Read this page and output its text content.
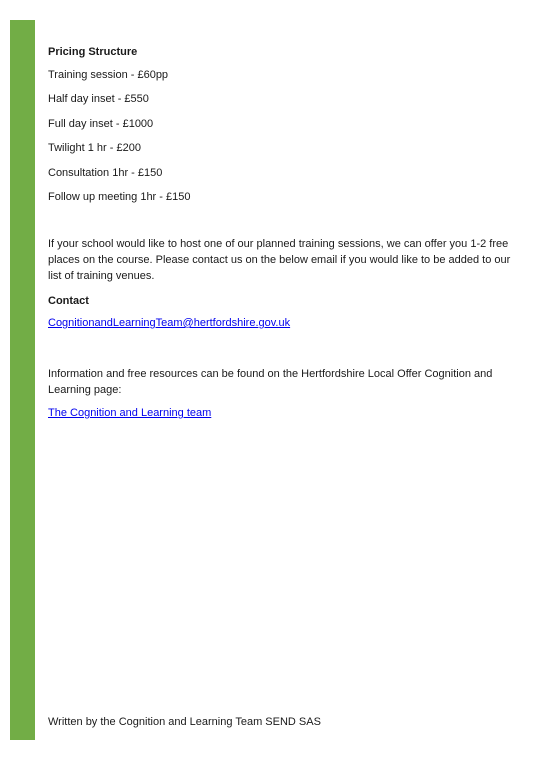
Pricing Structure
Training session - £60pp
Half day inset - £550
Full day inset - £1000
Twilight 1 hr - £200
Consultation 1hr - £150
Follow up meeting 1hr - £150
If your school would like to host one of our planned training sessions, we can offer you 1-2 free places on the course. Please contact us on the below email if you would like to be added to our list of training venues.
Contact
CognitionandLearningTeam@hertfordshire.gov.uk
Information and free resources can be found on the Hertfordshire Local Offer Cognition and Learning page:
The Cognition and Learning team
Written by the Cognition and Learning Team SEND SAS
